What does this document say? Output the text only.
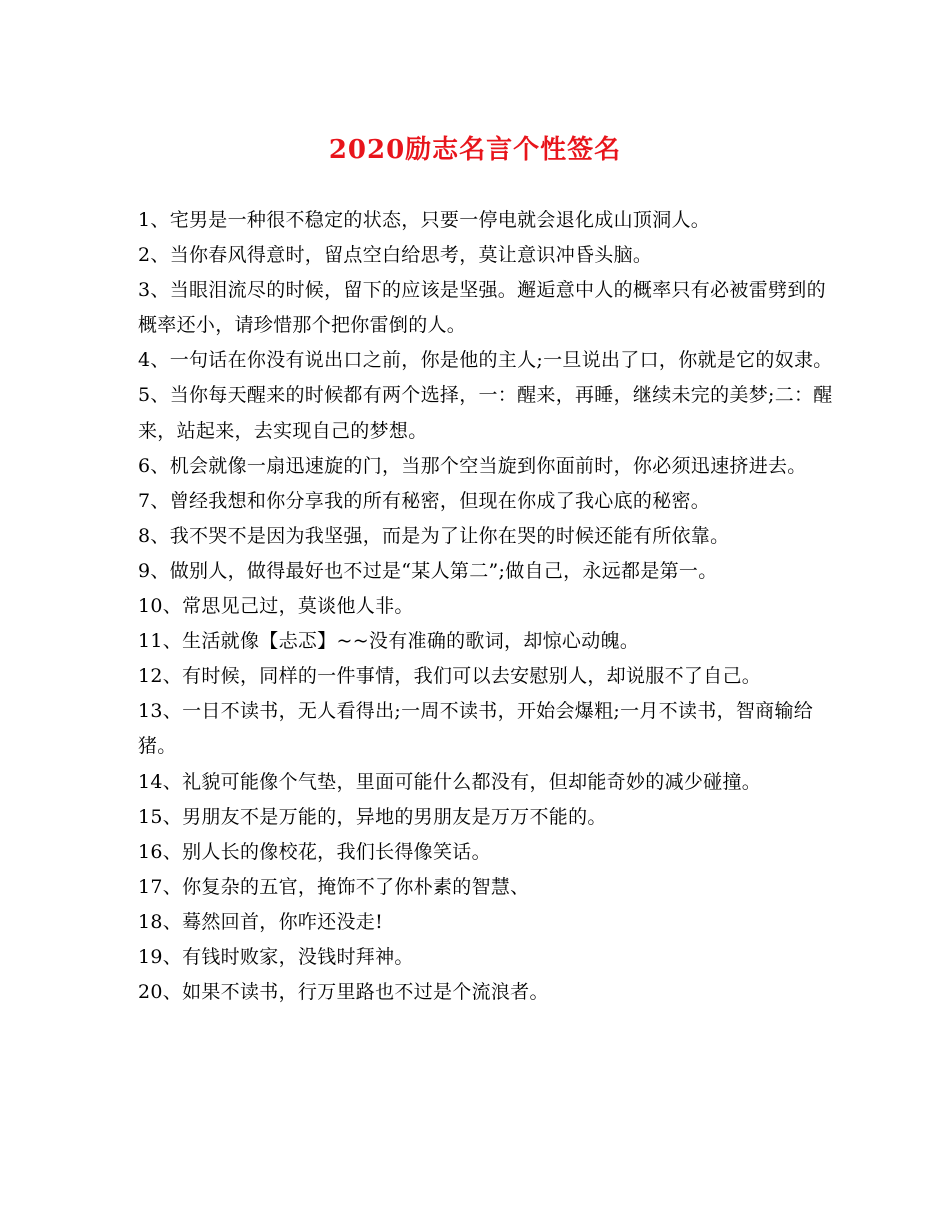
2020励志名言个性签名

1、宅男是一种很不稳定的状态，只要一停电就会退化成山顶洞人。

2、当你春风得意时，留点空白给思考，莫让意识冲昏头脑。

3、当眼泪流尽的时候，留下的应该是坚强。邂逅意中人的概率只有必被雷劈到的概率还小，请珍惜那个把你雷倒的人。

4、一句话在你没有说出口之前，你是他的主人;一旦说出了口，你就是它的奴隶。

5、当你每天醒来的时候都有两个选择，一：醒来，再睡，继续未完的美梦;二：醒来，站起来，去实现自己的梦想。

6、机会就像一扇迅速旋的门，当那个空当旋到你面前时，你必须迅速挤进去。

7、曾经我想和你分享我的所有秘密，但现在你成了我心底的秘密。

8、我不哭不是因为我坚强，而是为了让你在哭的时候还能有所依靠。

9、做别人，做得最好也不过是“某人第二”;做自己，永远都是第一。

10、常思见己过，莫谈他人非。

11、生活就像【忐忑】~~没有准确的歌词，却惊心动魄。

12、有时候，同样的一件事情，我们可以去安慰别人，却说服不了自己。

13、一日不读书，无人看得出;一周不读书，开始会爆粗;一月不读书，智商输给猪。

14、礼貌可能像个气垫，里面可能什么都没有，但却能奇妙的减少碰撞。

15、男朋友不是万能的，异地的男朋友是万万不能的。

16、别人长的像校花，我们长得像笑话。

17、你复杂的五官，掩饰不了你朴素的智慧、

18、蓦然回首，你咋还没走!

19、有钱时败家，没钱时拜神。

20、如果不读书，行万里路也不过是个流浪者。
